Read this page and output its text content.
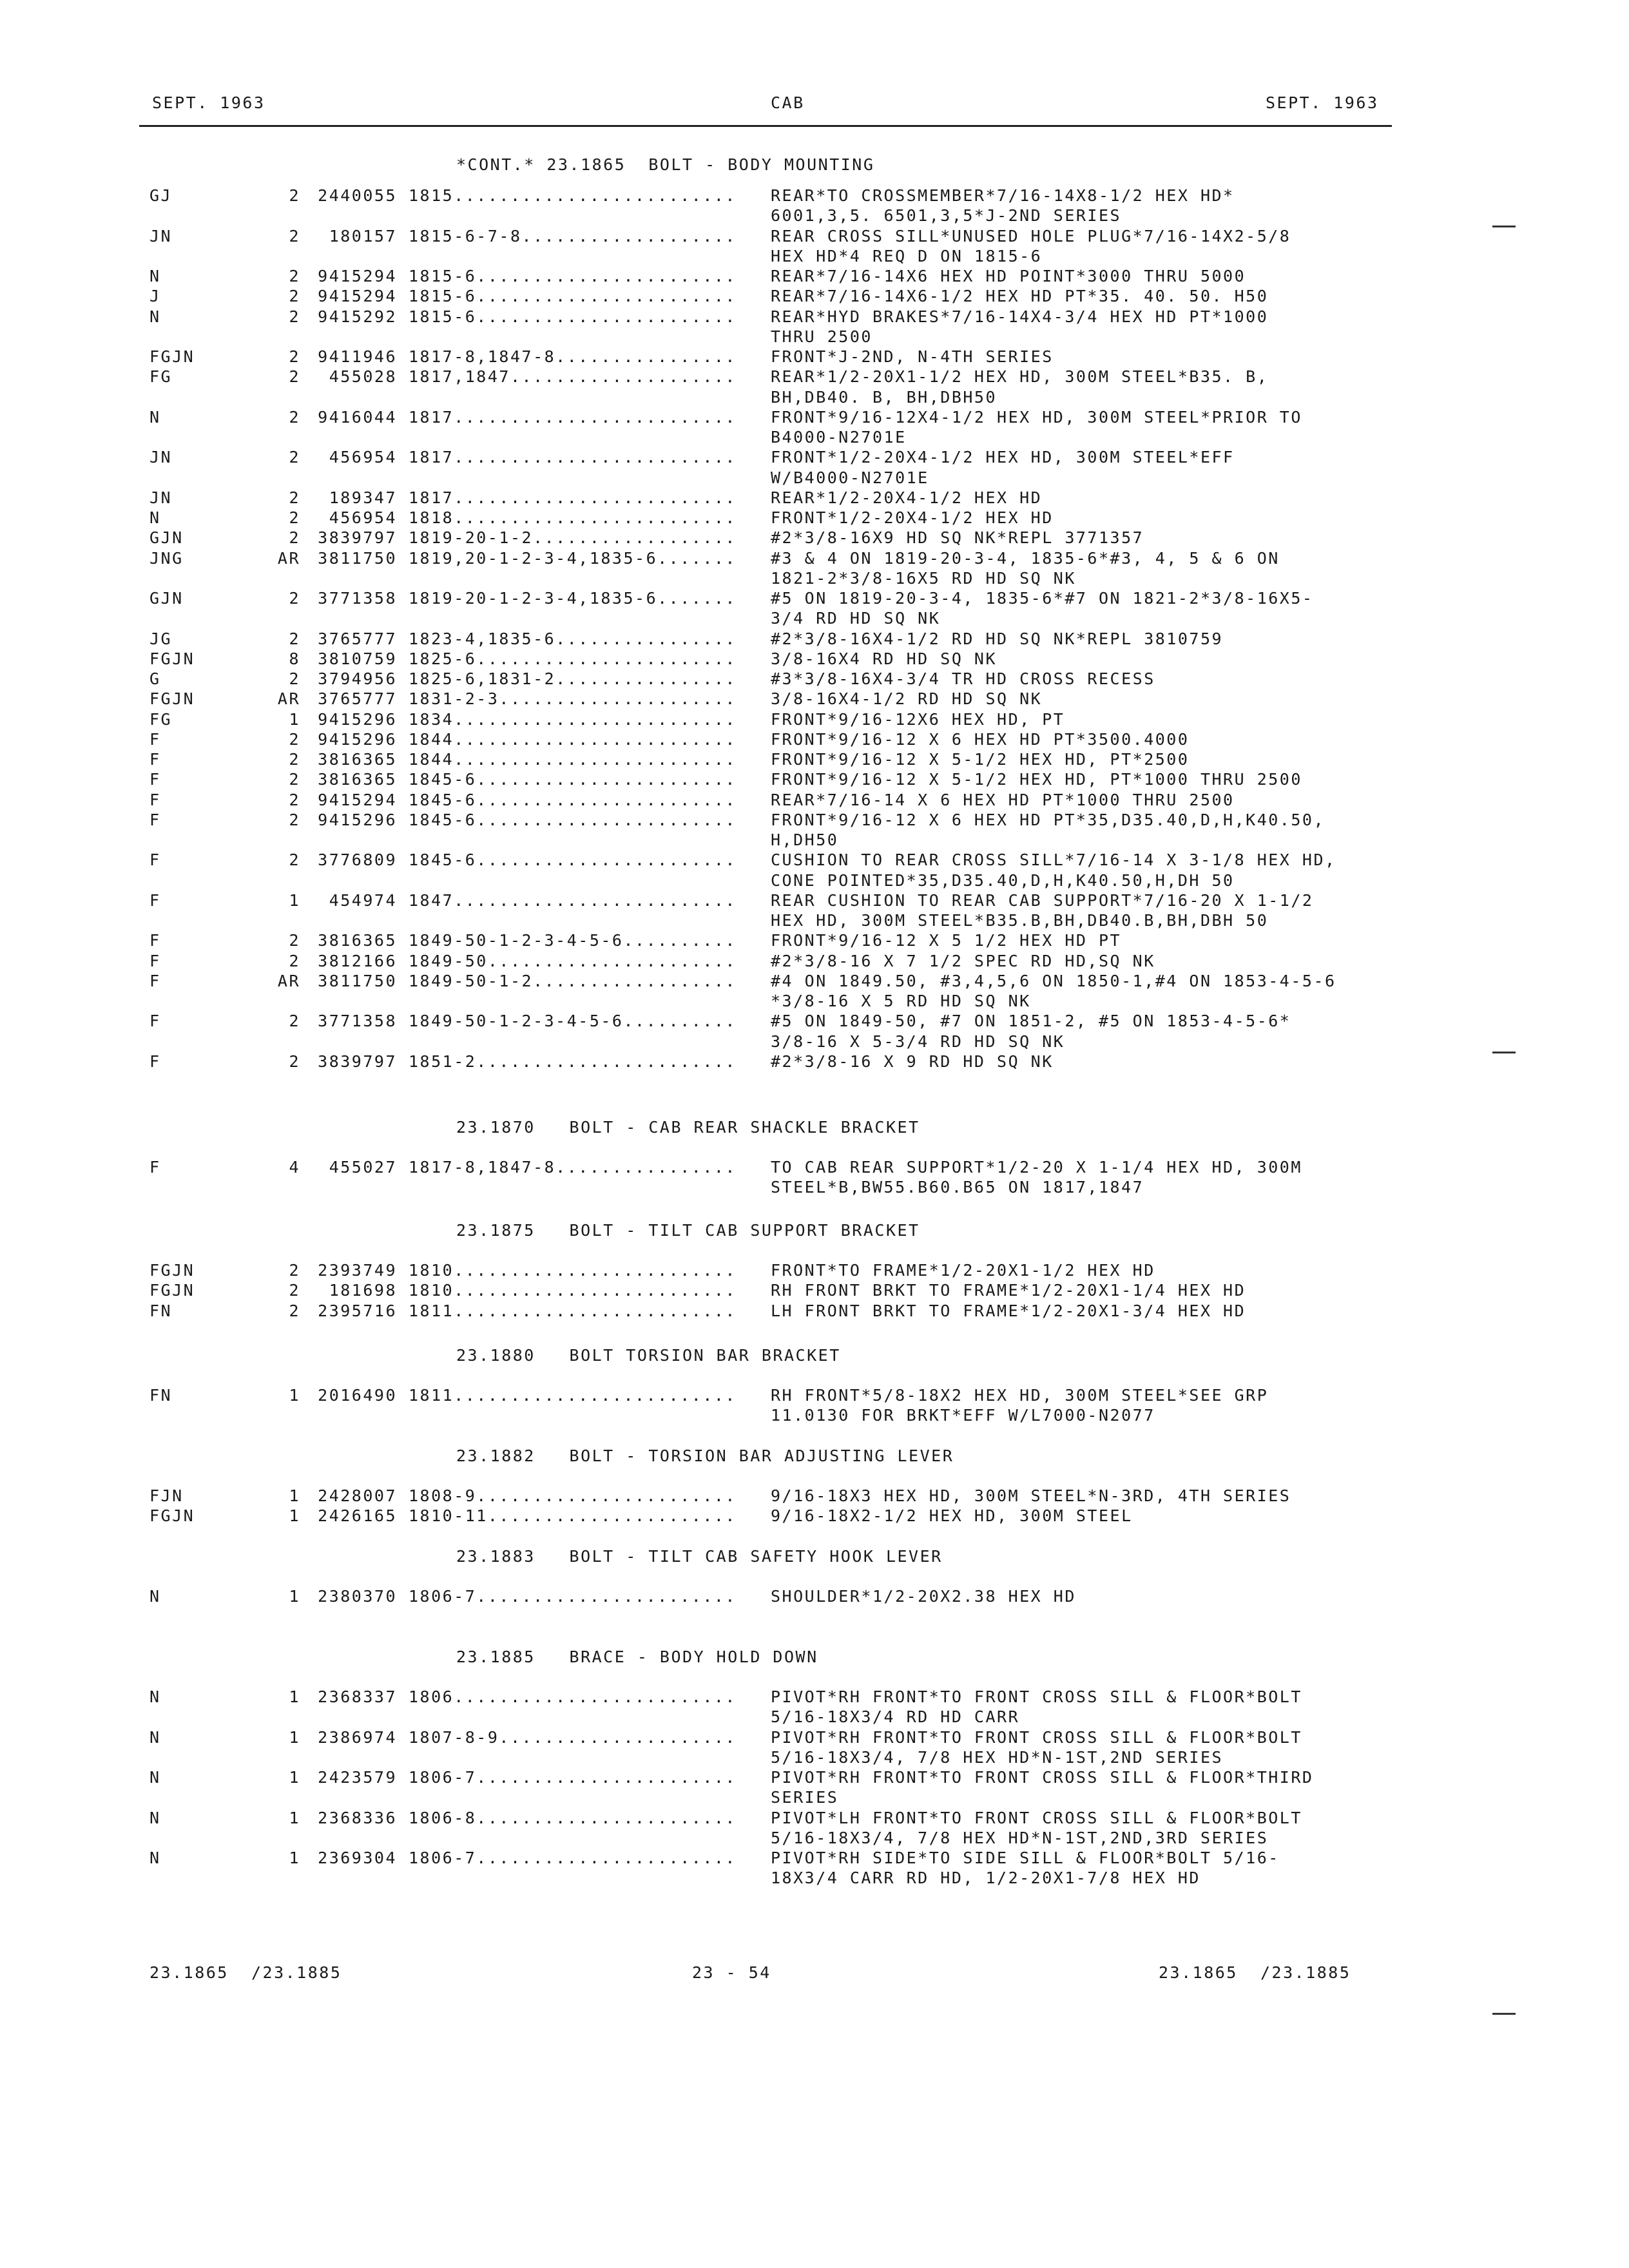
SEPT. 1963	CAB	SEPT. 1963
*CONT.* 23.1865  BOLT - BODY MOUNTING
GJ	2	2440055 1815......................... REAR*TO CROSSMEMBER*7/16-14X8-1/2 HEX HD*
6001,3,5. 6501,3,5*J-2ND SERIES
JN	2	180157 1815-6-7-8................... REAR CROSS SILL*UNUSED HOLE PLUG*7/16-14X2-5/8
HEX HD*4 REQ D ON 1815-6
N	2	9415294 1815-6....................... REAR*7/16-14X6 HEX HD POINT*3000 THRU 5000
J	2	9415294 1815-6....................... REAR*7/16-14X6-1/2 HEX HD PT*35. 40. 50. H50
N	2	9415292 1815-6....................... REAR*HYD BRAKES*7/16-14X4-3/4 HEX HD PT*1000
THRU 2500
FGJN	2	9411946 1817-8,1847-8................ FRONT*J-2ND, N-4TH SERIES
FG	2	455028 1817,1847.................... REAR*1/2-20X1-1/2 HEX HD, 300M STEEL*B35. B,
BH,DB40. B, BH,DBH50
N	2	9416044 1817......................... FRONT*9/16-12X4-1/2 HEX HD, 300M STEEL*PRIOR TO
B4000-N2701E
JN	2	456954 1817......................... FRONT*1/2-20X4-1/2 HEX HD, 300M STEEL*EFF
W/B4000-N2701E
JN	2	189347 1817......................... REAR*1/2-20X4-1/2 HEX HD
N	2	456954 1818......................... FRONT*1/2-20X4-1/2 HEX HD
GJN	2	3839797 1819-20-1-2.................. #2*3/8-16X9 HD SQ NK*REPL 3771357
JNG	AR	3811750 1819,20-1-2-3-4,1835-6....... #3 & 4 ON 1819-20-3-4, 1835-6*#3, 4, 5 & 6 ON
1821-2*3/8-16X5 RD HD SQ NK
GJN	2	3771358 1819-20-1-2-3-4,1835-6....... #5 ON 1819-20-3-4, 1835-6*#7 ON 1821-2*3/8-16X5-
3/4 RD HD SQ NK
JG	2	3765777 1823-4,1835-6................ #2*3/8-16X4-1/2 RD HD SQ NK*REPL 3810759
FGJN	8	3810759 1825-6....................... 3/8-16X4 RD HD SQ NK
G	2	3794956 1825-6,1831-2................ #3*3/8-16X4-3/4 TR HD CROSS RECESS
FGJN	AR	3765777 1831-2-3..................... 3/8-16X4-1/2 RD HD SQ NK
FG	1	9415296 1834......................... FRONT*9/16-12X6 HEX HD, PT
F	2	9415296 1844......................... FRONT*9/16-12 X 6 HEX HD PT*3500.4000
F	2	3816365 1844......................... FRONT*9/16-12 X 5-1/2 HEX HD, PT*2500
F	2	3816365 1845-6....................... FRONT*9/16-12 X 5-1/2 HEX HD, PT*1000 THRU 2500
F	2	9415294 1845-6....................... REAR*7/16-14 X 6 HEX HD PT*1000 THRU 2500
F	2	9415296 1845-6....................... FRONT*9/16-12 X 6 HEX HD PT*35,D35.40,D,H,K40.50,
H,DH50
F	2	3776809 1845-6....................... CUSHION TO REAR CROSS SILL*7/16-14 X 3-1/8 HEX HD,
CONE POINTED*35,D35.40,D,H,K40.50,H,DH 50
F	1	454974 1847......................... REAR CUSHION TO REAR CAB SUPPORT*7/16-20 X 1-1/2
HEX HD, 300M STEEL*B35.B,BH,DB40.B,BH,DBH 50
F	2	3816365 1849-50-1-2-3-4-5-6.......... FRONT*9/16-12 X 5 1/2 HEX HD PT
F	2	3812166 1849-50...................... #2*3/8-16 X 7 1/2 SPEC RD HD,SQ NK
F	AR	3811750 1849-50-1-2.................. #4 ON 1849.50, #3,4,5,6 ON 1850-1,#4 ON 1853-4-5-6
*3/8-16 X 5 RD HD SQ NK
F	2	3771358 1849-50-1-2-3-4-5-6.......... #5 ON 1849-50, #7 ON 1851-2, #5 ON 1853-4-5-6*
3/8-16 X 5-3/4 RD HD SQ NK
F	2	3839797 1851-2....................... #2*3/8-16 X 9 RD HD SQ NK
23.1870   BOLT - CAB REAR SHACKLE BRACKET
F	4	455027 1817-8,1847-8................ TO CAB REAR SUPPORT*1/2-20 X 1-1/4 HEX HD, 300M
STEEL*B,BW55.B60.B65 ON 1817,1847
23.1875   BOLT - TILT CAB SUPPORT BRACKET
FGJN	2	2393749 1810......................... FRONT*TO FRAME*1/2-20X1-1/2 HEX HD
FGJN	2	181698 1810......................... RH FRONT BRKT TO FRAME*1/2-20X1-1/4 HEX HD
FN	2	2395716 1811......................... LH FRONT BRKT TO FRAME*1/2-20X1-3/4 HEX HD
23.1880   BOLT TORSION BAR BRACKET
FN	1	2016490 1811......................... RH FRONT*5/8-18X2 HEX HD, 300M STEEL*SEE GRP
11.0130 FOR BRKT*EFF W/L7000-N2077
23.1882   BOLT - TORSION BAR ADJUSTING LEVER
FJN	1	2428007 1808-9....................... 9/16-18X3 HEX HD, 300M STEEL*N-3RD, 4TH SERIES
FGJN	1	2426165 1810-11...................... 9/16-18X2-1/2 HEX HD, 300M STEEL
23.1883   BOLT - TILT CAB SAFETY HOOK LEVER
N	1	2380370 1806-7....................... SHOULDER*1/2-20X2.38 HEX HD
23.1885   BRACE - BODY HOLD DOWN
N	1	2368337 1806......................... PIVOT*RH FRONT*TO FRONT CROSS SILL & FLOOR*BOLT
5/16-18X3/4 RD HD CARR
N	1	2386974 1807-8-9..................... PIVOT*RH FRONT*TO FRONT CROSS SILL & FLOOR*BOLT
5/16-18X3/4, 7/8 HEX HD*N-1ST,2ND SERIES
N	1	2423579 1806-7....................... PIVOT*RH FRONT*TO FRONT CROSS SILL & FLOOR*THIRD
SERIES
N	1	2368336 1806-8....................... PIVOT*LH FRONT*TO FRONT CROSS SILL & FLOOR*BOLT
5/16-18X3/4, 7/8 HEX HD*N-1ST,2ND,3RD SERIES
N	1	2369304 1806-7....................... PIVOT*RH SIDE*TO SIDE SILL & FLOOR*BOLT 5/16-
18X3/4 CARR RD HD, 1/2-20X1-7/8 HEX HD
23.1865  /23.1885	23 - 54	23.1865  /23.1885
